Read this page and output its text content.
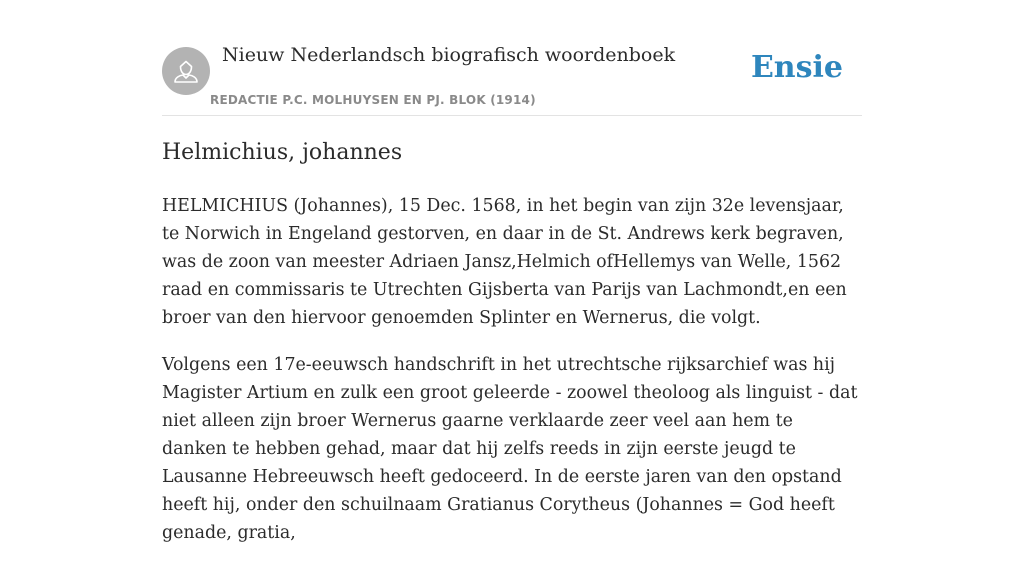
Nieuw Nederlandsch biografisch woordenboek
REDACTIE P.C. MOLHUYSEN EN PJ. BLOK (1914)
Ensie
Helmichius, johannes

HELMICHIUS (Johannes), 15 Dec. 1568, in het begin van zijn 32e levensjaar, te Norwich in Engeland gestorven, en daar in de St. Andrews kerk begraven, was de zoon van meester Adriaen Jansz,Helmich ofHellemys van Welle, 1562 raad en commissaris te Utrechten Gijsberta van Parijs van Lachmondt,en een broer van den hiervoor genoemden Splinter en Wernerus, die volgt.

Volgens een 17e-eeuwsch handschrift in het utrechtsche rijksarchief was hij Magister Artium en zulk een groot geleerde - zoowel theoloog als linguist - dat niet alleen zijn broer Wernerus gaarne verklaarde zeer veel aan hem te danken te hebben gehad, maar dat hij zelfs reeds in zijn eerste jeugd te Lausanne Hebreeuwsch heeft gedoceerd. In de eerste jaren van den opstand heeft hij, onder den schuilnaam Gratianus Corytheus (Johannes = God heeft genade, gratia,
